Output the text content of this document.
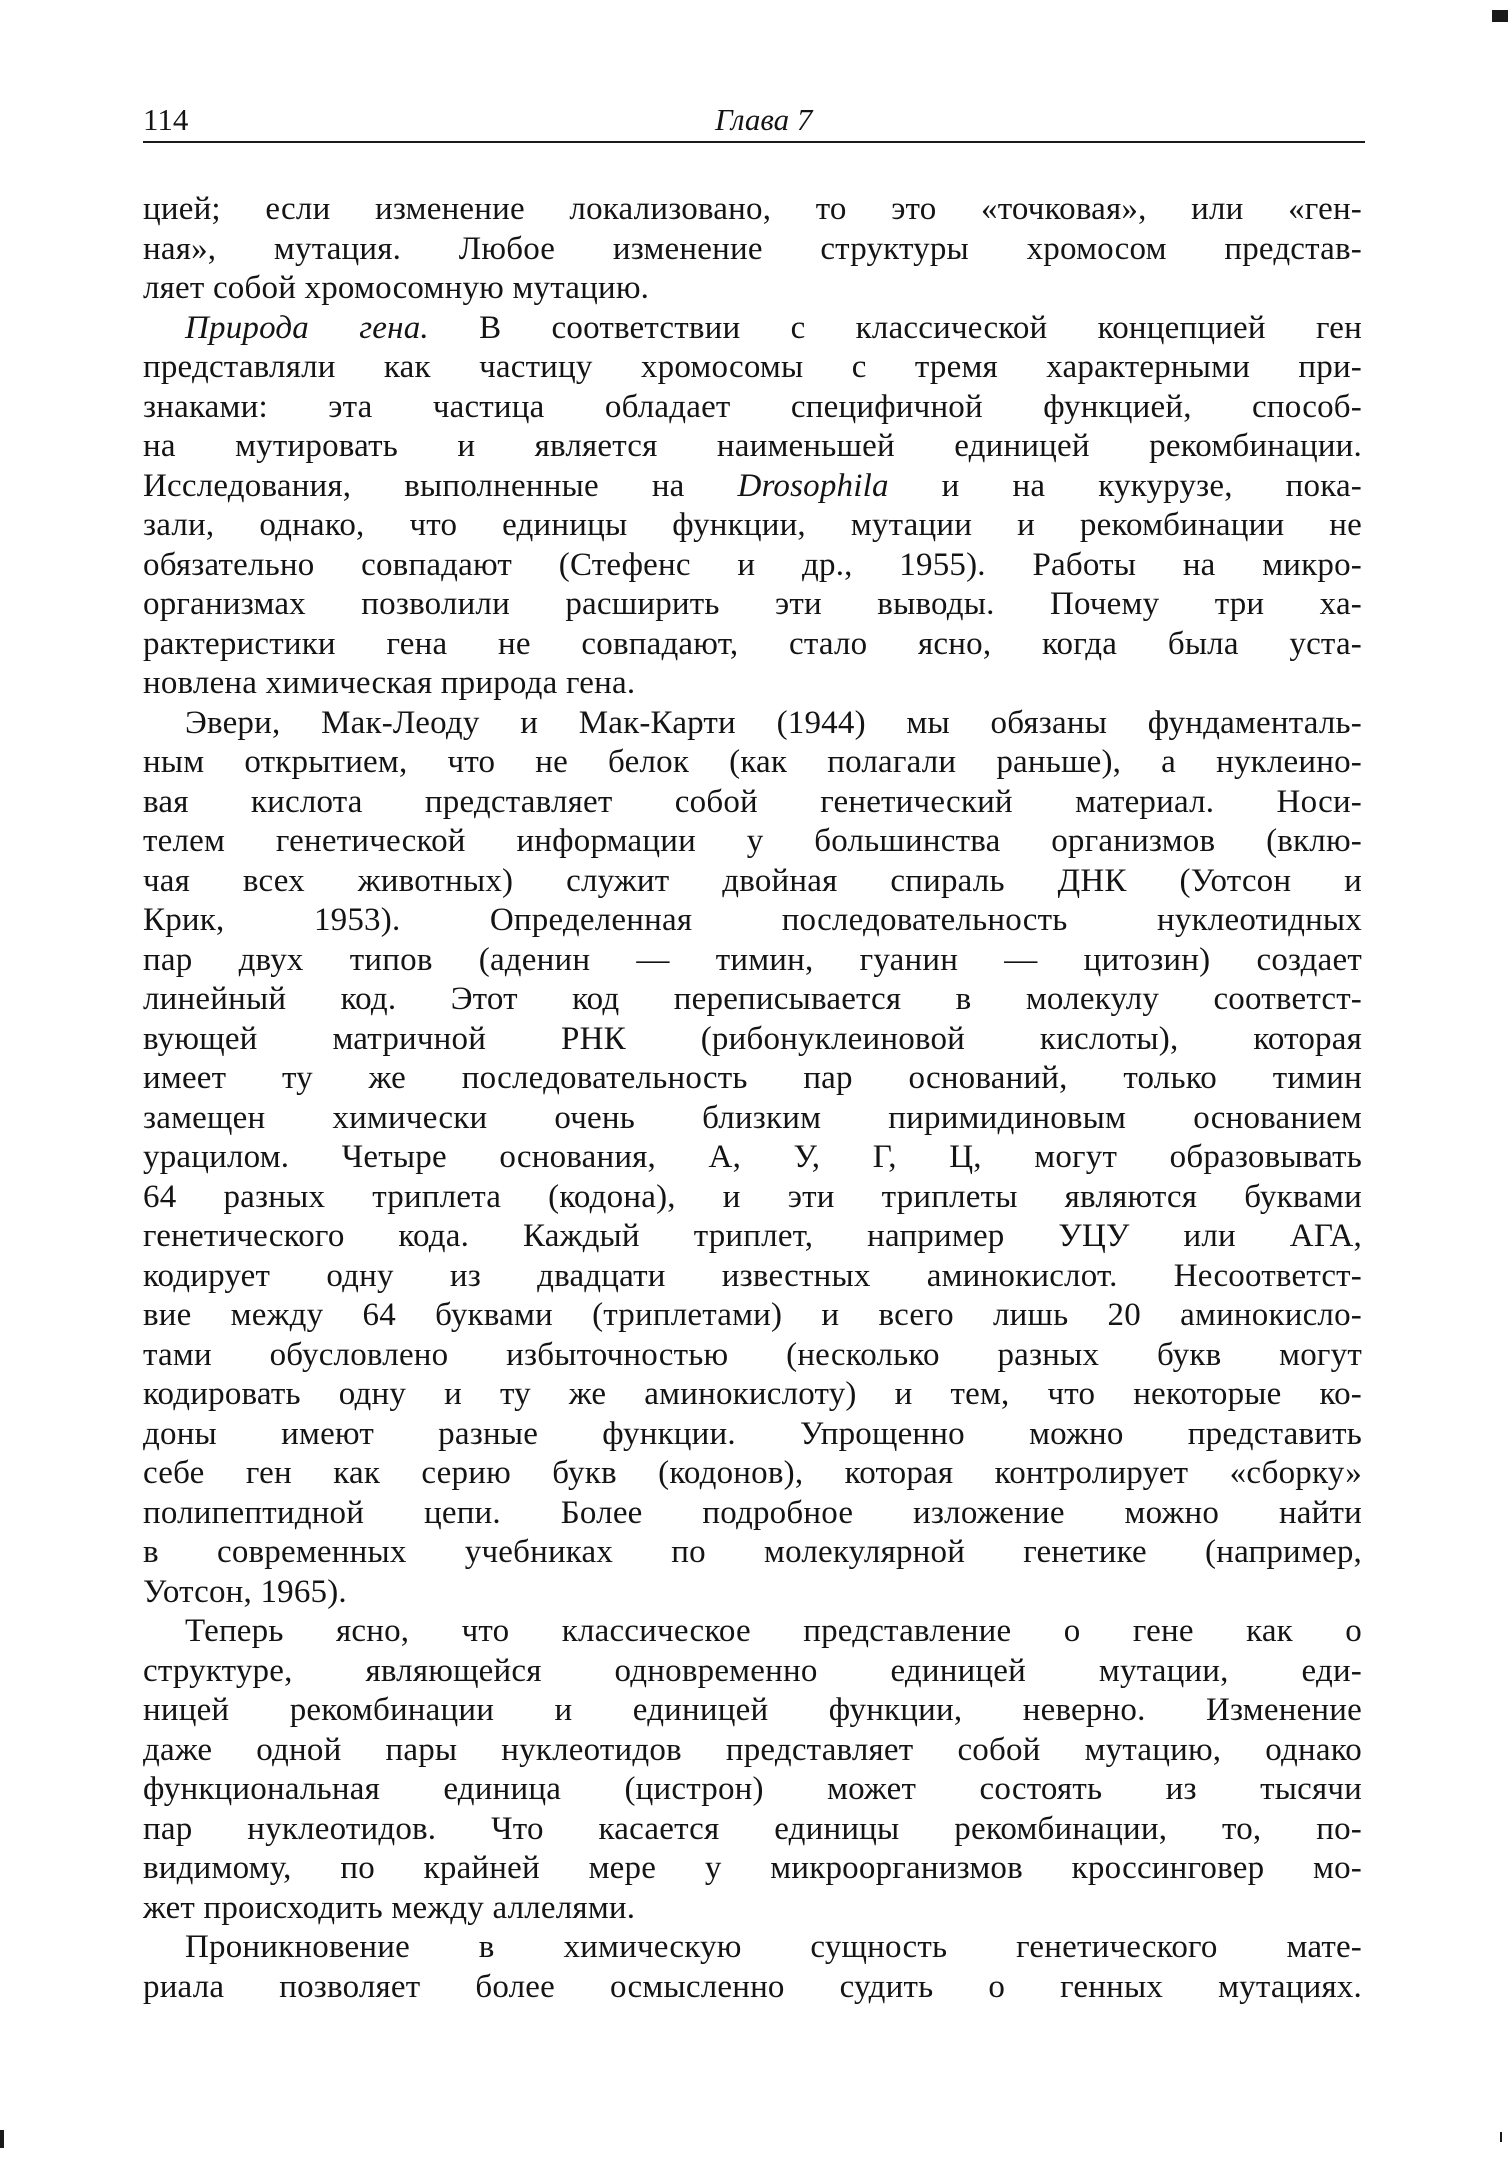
114	Глава 7
цией; если изменение локализовано, то это «точковая», или «ген-
ная», мутация. Любое изменение структуры хромосом представ-
ляет собой хромосомную мутацию.
Природа гена. В соответствии с классической концепцией ген
представляли как частицу хромосомы с тремя характерными при-
знаками: эта частица обладает специфичной функцией, способ-
на мутировать и является наименьшей единицей рекомбинации.
Исследования, выполненные на Drosophila и на кукурузе, пока-
зали, однако, что единицы функции, мутации и рекомбинации не
обязательно совпадают (Стефенс и др., 1955). Работы на микро-
организмах позволили расширить эти выводы. Почему три ха-
рактеристики гена не совпадают, стало ясно, когда была уста-
новлена химическая природа гена.
Эвери, Мак-Леоду и Мак-Карти (1944) мы обязаны фундаменталь-
ным открытием, что не белок (как полагали раньше), а нуклеино-
вая кислота представляет собой генетический материал. Носи-
телем генетической информации у большинства организмов (вклю-
чая всех животных) служит двойная спираль ДНК (Уотсон и
Крик, 1953). Определенная последовательность нуклеотидных
пар двух типов (аденин — тимин, гуанин — цитозин) создает
линейный код. Этот код переписывается в молекулу соответст-
вующей матричной РНК (рибонуклеиновой кислоты), которая
имеет ту же последовательность пар оснований, только тимин
замещен химически очень близким пиримидиновым основанием
урацилом. Четыре основания, А, У, Г, Ц, могут образовывать
64 разных триплета (кодона), и эти триплеты являются буквами
генетического кода. Каждый триплет, например УЦУ или АГА,
кодирует одну из двадцати известных аминокислот. Несоответст-
вие между 64 буквами (триплетами) и всего лишь 20 аминокисло-
тами обусловлено избыточностью (несколько разных букв могут
кодировать одну и ту же аминокислоту) и тем, что некоторые ко-
доны имеют разные функции. Упрощенно можно представить
себе ген как серию букв (кодонов), которая контролирует «сборку»
полипептидной цепи. Более подробное изложение можно найти
в современных учебниках по молекулярной генетике (например,
Уотсон, 1965).
Теперь ясно, что классическое представление о гене как о
структуре, являющейся одновременно единицей мутации, еди-
ницей рекомбинации и единицей функции, неверно. Изменение
даже одной пары нуклеотидов представляет собой мутацию, однако
функциональная единица (цистрон) может состоять из тысячи
пар нуклеотидов. Что касается единицы рекомбинации, то, по-
видимому, по крайней мере у микроорганизмов кроссинговер мо-
жет происходить между аллелями.
Проникновение в химическую сущность генетического мате-
риала позволяет более осмысленно судить о генных мутациях.
